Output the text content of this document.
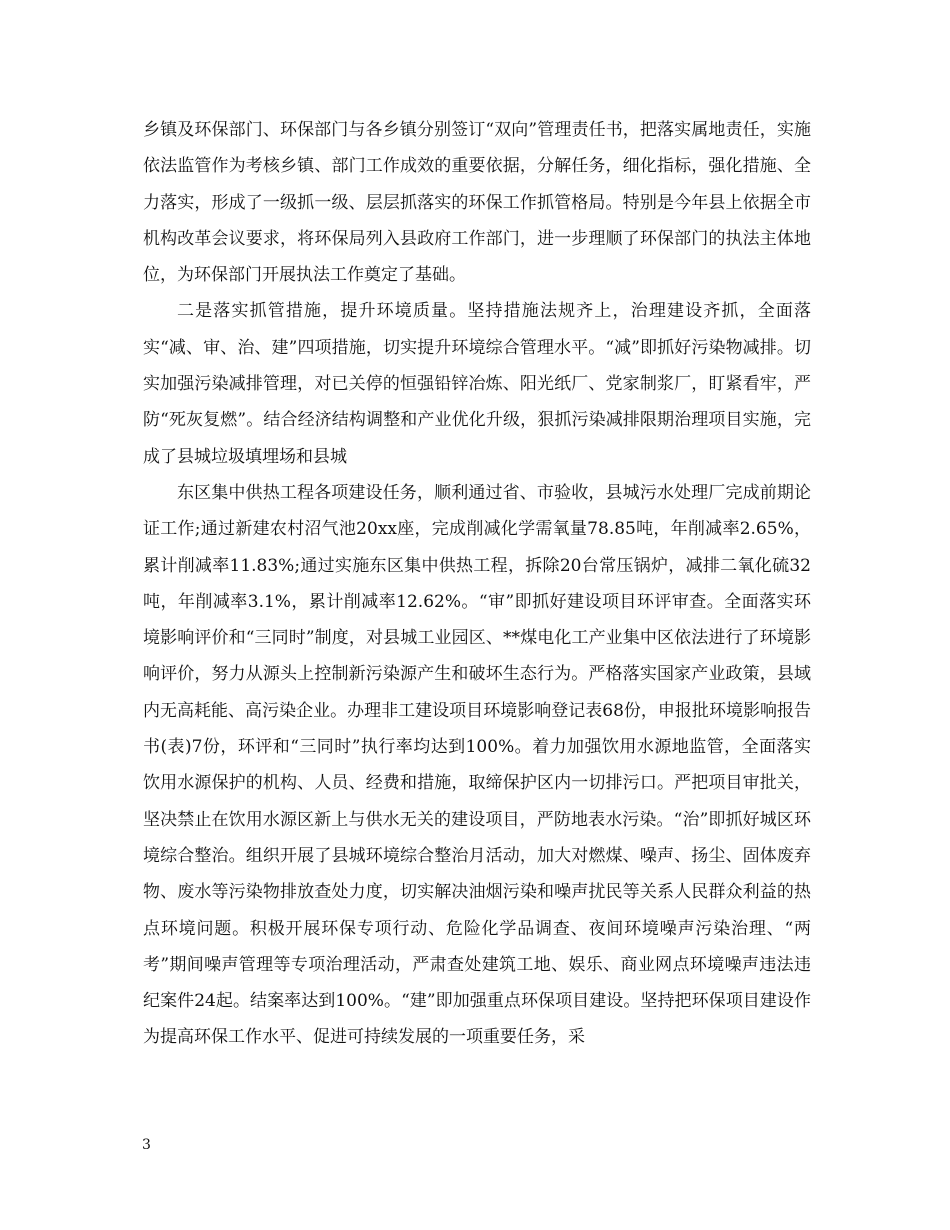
乡镇及环保部门、环保部门与各乡镇分别签订“双向”管理责任书，把落实属地责任，实施依法监管作为考核乡镇、部门工作成效的重要依据，分解任务，细化指标，强化措施、全力落实，形成了一级抓一级、层层抓落实的环保工作抓管格局。特别是今年县上依据全市机构改革会议要求，将环保局列入县政府工作部门，进一步理顺了环保部门的执法主体地位，为环保部门开展执法工作奠定了基础。

二是落实抓管措施，提升环境质量。坚持措施法规齐上，治理建设齐抓，全面落实“减、审、治、建”四项措施，切实提升环境综合管理水平。“减”即抓好污染物减排。切实加强污染减排管理，对已关停的恒强铅锌冶炼、阳光纸厂、党家制浆厂，盯紧看牢，严防“死灰复燃”。结合经济结构调整和产业优化升级，狠抓污染减排限期治理项目实施，完成了县城垃圾填埋场和县城

东区集中供热工程各项建设任务，顺利通过省、市验收，县城污水处理厂完成前期论证工作;通过新建农村沼气池20xx座，完成削减化学需氧量78.85吨，年削减率2.65%，累计削减率11.83%;通过实施东区集中供热工程，拆除20台常压锅炉，减排二氧化硫32吨，年削减率3.1%，累计削减率12.62%。“审”即抓好建设项目环评审查。全面落实环境影响评价和“三同时”制度，对县城工业园区、**煤电化工产业集中区依法进行了环境影响评价，努力从源头上控制新污染源产生和破坏生态行为。严格落实国家产业政策，县域内无高耗能、高污染企业。办理非工建设项目环境影响登记表68份，申报批环境影响报告书(表)7份，环评和“三同时”执行率均达到100%。着力加强饮用水源地监管，全面落实饮用水源保护的机构、人员、经费和措施，取缔保护区内一切排污口。严把项目审批关，坚决禁止在饮用水源区新上与供水无关的建设项目，严防地表水污染。“治”即抓好城区环境综合整治。组织开展了县城环境综合整治月活动，加大对燃煤、噪声、扬尘、固体废弃物、废水等污染物排放查处力度，切实解决油烟污染和噪声扰民等关系人民群众利益的热点环境问题。积极开展环保专项行动、危险化学品调查、夜间环境噪声污染治理、“两考”期间噪声管理等专项治理活动，严肃查处建筑工地、娱乐、商业网点环境噪声违法违纪案件24起。结案率达到100%。“建”即加强重点环保项目建设。坚持把环保项目建设作为提高环保工作水平、促进可持续发展的一项重要任务，采

3
